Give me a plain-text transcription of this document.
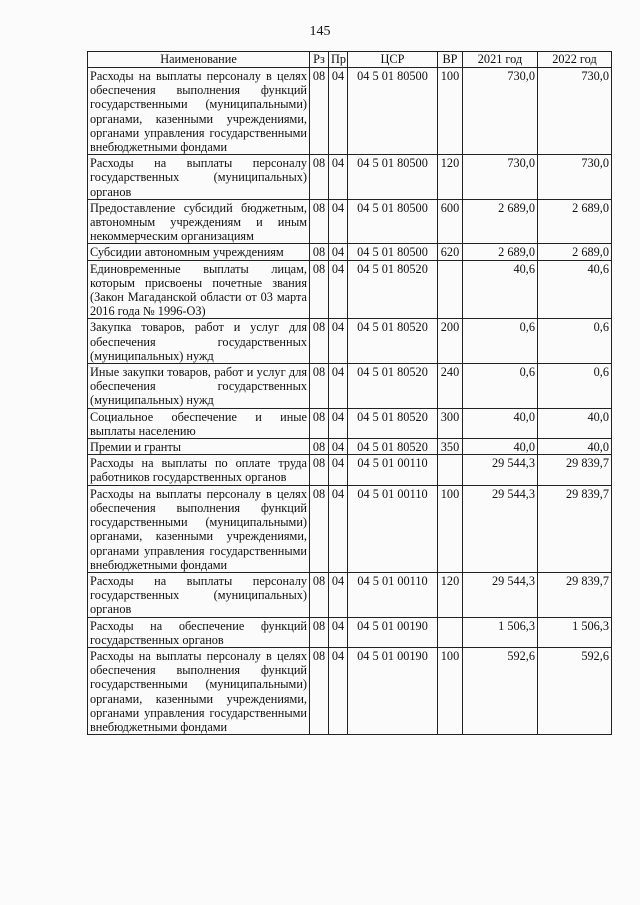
145
Наименование	Рз	Пр	ЦСР	ВР	2021 год	2022 год
Расходы на выплаты персоналу в целях обеспечения выполнения функций государственными (муниципальными) органами, казенными учреждениями, органами управления государственными внебюджетными фондами	08	04	04 5 01 80500	100	730,0	730,0
Расходы на выплаты персоналу государственных (муниципальных) органов	08	04	04 5 01 80500	120	730,0	730,0
Предоставление субсидий бюджетным, автономным учреждениям и иным некоммерческим организациям	08	04	04 5 01 80500	600	2 689,0	2 689,0
Субсидии автономным учреждениям	08	04	04 5 01 80500	620	2 689,0	2 689,0
Единовременные выплаты лицам, которым присвоены почетные звания (Закон Магаданской области от 03 марта 2016 года № 1996-ОЗ)	08	04	04 5 01 80520		40,6	40,6
Закупка товаров, работ и услуг для обеспечения государственных (муниципальных) нужд	08	04	04 5 01 80520	200	0,6	0,6
Иные закупки товаров, работ и услуг для обеспечения государственных (муниципальных) нужд	08	04	04 5 01 80520	240	0,6	0,6
Социальное обеспечение и иные выплаты населению	08	04	04 5 01 80520	300	40,0	40,0
Премии и гранты	08	04	04 5 01 80520	350	40,0	40,0
Расходы на выплаты по оплате труда работников государственных органов	08	04	04 5 01 00110		29 544,3	29 839,7
Расходы на выплаты персоналу в целях обеспечения выполнения функций государственными (муниципальными) органами, казенными учреждениями, органами управления государственными внебюджетными фондами	08	04	04 5 01 00110	100	29 544,3	29 839,7
Расходы на выплаты персоналу государственных (муниципальных) органов	08	04	04 5 01 00110	120	29 544,3	29 839,7
Расходы на обеспечение функций государственных органов	08	04	04 5 01 00190		1 506,3	1 506,3
Расходы на выплаты персоналу в целях обеспечения выполнения функций государственными (муниципальными) органами, казенными учреждениями, органами управления государственными внебюджетными фондами	08	04	04 5 01 00190	100	592,6	592,6
